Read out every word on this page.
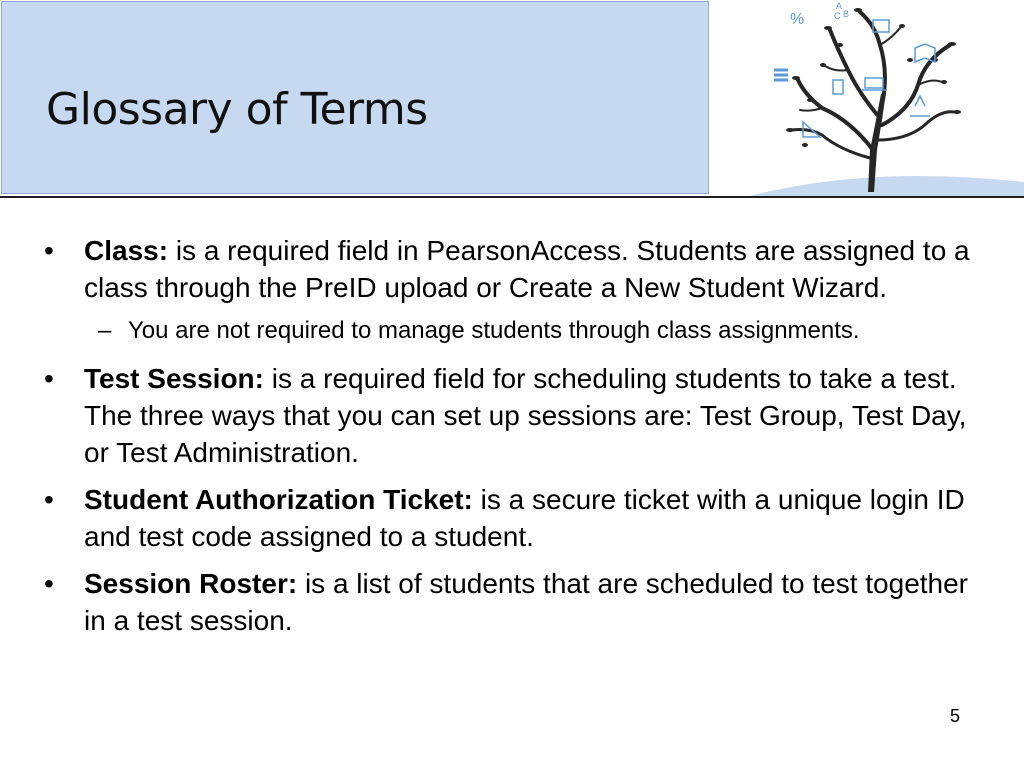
Glossary of Terms
%
A
C B
• Class: is a required field in PearsonAccess. Students are assigned to a class through the PreID upload or Create a New Student Wizard.
– You are not required to manage students through class assignments.
• Test Session: is a required field for scheduling students to take a test. The three ways that you can set up sessions are: Test Group, Test Day, or Test Administration.
• Student Authorization Ticket: is a secure ticket with a unique login ID and test code assigned to a student.
• Session Roster: is a list of students that are scheduled to test together in a test session.
5
